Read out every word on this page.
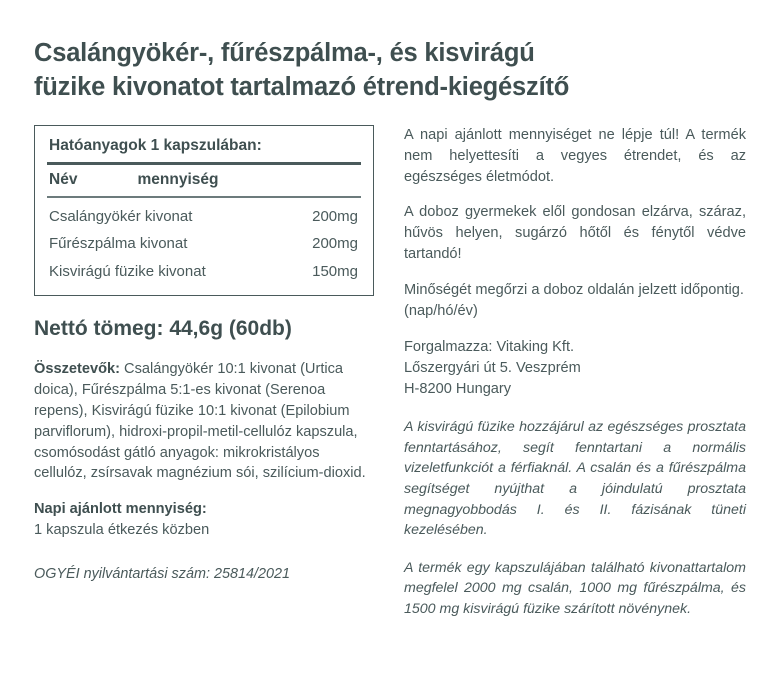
Csalángyökér-, fűrészpálma-, és kisvirágú
füzike kivonatot tartalmazó étrend-kiegészítő
Hatóanyagok 1 kapszulában:
Név	mennyiség
Csalángyökér kivonat	200mg
Fűrészpálma kivonat	200mg
Kisvirágú füzike kivonat	150mg
Nettó tömeg: 44,6g (60db)

Összetevők: Csalángyökér 10:1 kivonat (Urtica doica), Fűrészpálma 5:1-es kivonat (Serenoa repens), Kisvirágú füzike 10:1 kivonat (Epilobium parviflorum), hidroxi-propil-metil-cellulóz kapszula, csomósodást gátló anyagok: mikrokristályos cellulóz, zsírsavak magnézium sói, szilícium-dioxid.

Napi ajánlott mennyiség:
1 kapszula étkezés közben

OGYÉI nyilvántartási szám: 25814/2021

A napi ajánlott mennyiséget ne lépje túl! A termék nem helyettesíti a vegyes étrendet, és az egészséges életmódot.

A doboz gyermekek elől gondosan elzárva, száraz, hűvös helyen, sugárzó hőtől és fénytől védve tartandó!

Minőségét megőrzi a doboz oldalán jelzett időpontig. (nap/hó/év)

Forgalmazza: Vitaking Kft.
Lőszergyári út 5. Veszprém
H-8200 Hungary

A kisvirágú füzike hozzájárul az egészséges prosztata fenntartásához, segít fenntartani a normális vizeletfunkciót a férfiaknál. A csalán és a fűrészpálma segítséget nyújthat a jóindulatú prosztata megnagyobbodás I. és II. fázisának tüneti kezelésében.

A termék egy kapszulájában található kivonattartalom megfelel 2000 mg csalán, 1000 mg fűrészpálma, és 1500 mg kisvirágú füzike szárított növénynek.
